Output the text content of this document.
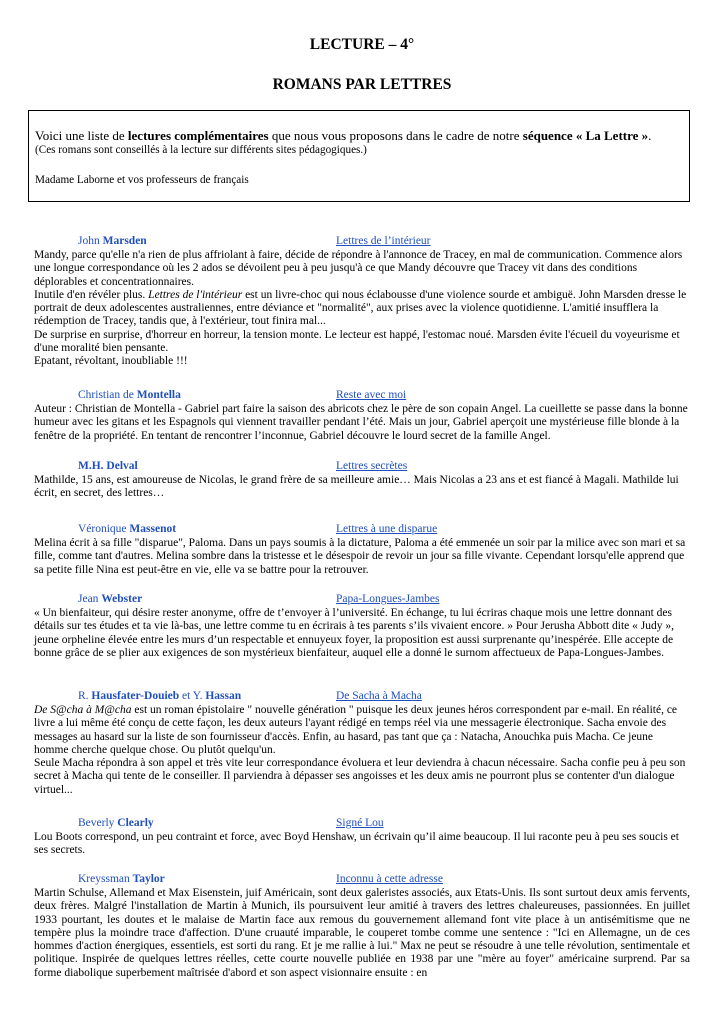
LECTURE – 4°
ROMANS PAR LETTRES
Voici une liste de lectures complémentaires que nous vous proposons dans le cadre de notre séquence « La Lettre ».
(Ces romans sont conseillés à la lecture sur différents sites pédagogiques.)
Madame Laborne et vos professeurs de français
John Marsden	Lettres de l’intérieur

Mandy, parce qu'elle n'a rien de plus affriolant à faire, décide de répondre à l'annonce de Tracey, en mal de communication. Commence alors une longue correspondance où les 2 ados se dévoilent peu à peu jusqu'à ce que Mandy découvre que Tracey vit dans des conditions déplorables et concentrationnaires.

Inutile d'en révéler plus. Lettres de l'intérieur est un livre-choc qui nous éclabousse d'une violence sourde et ambiguë. John Marsden dresse le portrait de deux adolescentes australiennes, entre déviance et "normalité", aux prises avec la violence quotidienne. L'amitié insufflera la rédemption de Tracey, tandis que, à l'extérieur, tout finira mal...

De surprise en surprise, d'horreur en horreur, la tension monte. Le lecteur est happé, l'estomac noué. Marsden évite l'écueil du voyeurisme et d'une moralité bien pensante.

Epatant, révoltant, inoubliable !!!

Christian de Montella	Reste avec moi

Auteur : Christian de Montella - Gabriel part faire la saison des abricots chez le père de son copain Angel. La cueillette se passe dans la bonne humeur avec les gitans et les Espagnols qui viennent travailler pendant l’été. Mais un jour, Gabriel aperçoit une mystérieuse fille blonde à la fenêtre de la propriété. En tentant de rencontrer l’inconnue, Gabriel découvre le lourd secret de la famille Angel.

M.H. Delval	Lettres secrètes

Mathilde, 15 ans, est amoureuse de Nicolas, le grand frère de sa meilleure amie… Mais Nicolas a 23 ans et est fiancé à Magali. Mathilde lui écrit, en secret, des lettres…

Véronique Massenot	Lettres à une disparue

Melina écrit à sa fille "disparue", Paloma. Dans un pays soumis à la dictature, Paloma a été emmenée un soir par la milice avec son mari et sa fille, comme tant d'autres. Melina sombre dans la tristesse et le désespoir de revoir un jour sa fille vivante. Cependant lorsqu'elle apprend que sa petite fille Nina est peut-être en vie, elle va se battre pour la retrouver.

Jean Webster	Papa-Longues-Jambes

« Un bienfaiteur, qui désire rester anonyme, offre de t’envoyer à l’université. En échange, tu lui écriras chaque mois une lettre donnant des détails sur tes études et ta vie là-bas, une lettre comme tu en écrirais à tes parents s’ils vivaient encore. » Pour Jerusha Abbott dite « Judy », jeune orpheline élevée entre les murs d’un respectable et ennuyeux foyer, la proposition est aussi surprenante qu’inespérée. Elle accepte de bonne grâce de se plier aux exigences de son mystérieux bienfaiteur, auquel elle a donné le surnom affectueux de Papa-Longues-Jambes.

R. Hausfater-Douieb et Y. Hassan	De Sacha à Macha

De S@cha à M@cha est un roman épistolaire " nouvelle génération " puisque les deux jeunes héros correspondent par e-mail. En réalité, ce livre a lui même été conçu de cette façon, les deux auteurs l'ayant rédigé en temps réel via une messagerie électronique. Sacha envoie des messages au hasard sur la liste de son fournisseur d'accès. Enfin, au hasard, pas tant que ça : Natacha, Anouchka puis Macha. Ce jeune homme cherche quelque chose. Ou plutôt quelqu'un.

Seule Macha répondra à son appel et très vite leur correspondance évoluera et leur deviendra à chacun nécessaire. Sacha confie peu à peu son secret à Macha qui tente de le conseiller. Il parviendra à dépasser ses angoisses et les deux amis ne pourront plus se contenter d'un dialogue virtuel...

Beverly Clearly	Signé Lou

Lou Boots correspond, un peu contraint et force, avec Boyd Henshaw, un écrivain qu’il aime beaucoup. Il lui raconte peu à peu ses soucis et ses secrets.

Kreyssman Taylor	Inconnu à cette adresse

Martin Schulse, Allemand et Max Eisenstein, juif Américain, sont deux galeristes associés, aux Etats-Unis. Ils sont surtout deux amis fervents, deux frères. Malgré l'installation de Martin à Munich, ils poursuivent leur amitié à travers des lettres chaleureuses, passionnées. En juillet 1933 pourtant, les doutes et le malaise de Martin face aux remous du gouvernement allemand font vite place à un antisémitisme que ne tempère plus la moindre trace d'affection. D'une cruauté imparable, le couperet tombe comme une sentence : "Ici en Allemagne, un de ces hommes d'action énergiques, essentiels, est sorti du rang. Et je me rallie à lui." Max ne peut se résoudre à une telle révolution, sentimentale et politique. Inspirée de quelques lettres réelles, cette courte nouvelle publiée en 1938 par une "mère au foyer" américaine surprend. Par sa forme diabolique superbement maîtrisée d'abord et son aspect visionnaire ensuite : en
